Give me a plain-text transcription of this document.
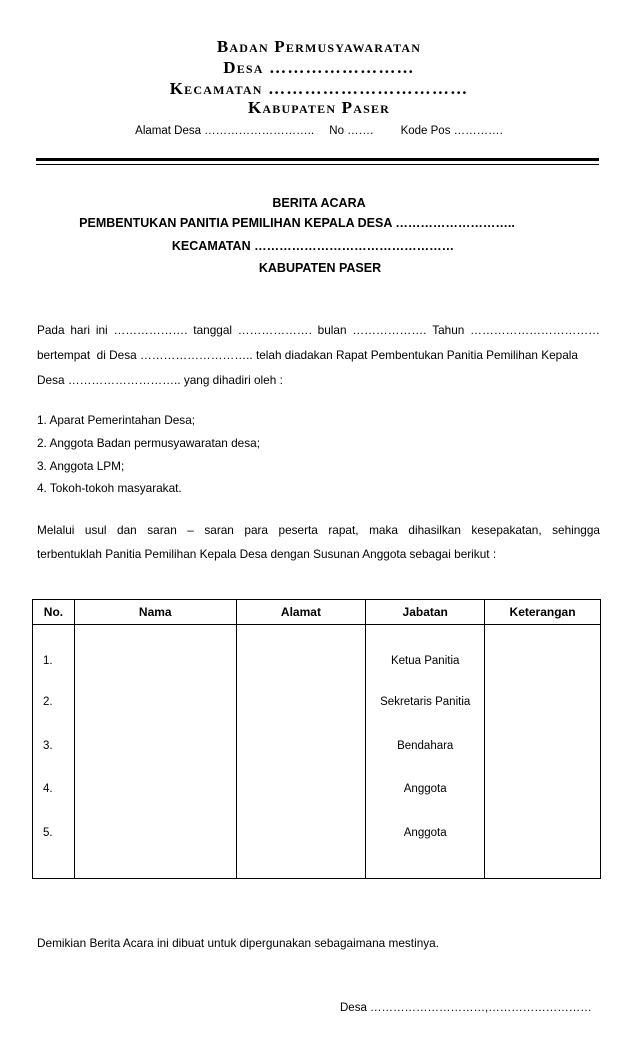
Badan Permusyawaratan
Desa ……………………
Kecamatan ……………………………
Kabupaten Paser
Alamat Desa ……………………….. No ……. Kode Pos ………….
BERITA ACARA
PEMBENTUKAN PANITIA PEMILIHAN KEPALA DESA ………………………..
KECAMATAN …………………………………………
KABUPATEN PASER
Pada hari ini ………………. tanggal ………………. bulan ………………. Tahun ……………………………
bertempat  di Desa ……………………….. telah diadakan Rapat Pembentukan Panitia Pemilihan Kepala
Desa ……………………….. yang dihadiri oleh :
1. Aparat Pemerintahan Desa;
2. Anggota Badan permusyawaratan desa;
3. Anggota LPM;
4. Tokoh-tokoh masyarakat.
Melalui usul dan saran – saran para peserta rapat, maka dihasilkan kesepakatan, sehingga
terbentuklah Panitia Pemilihan Kepala Desa dengan Susunan Anggota sebagai berikut :
No.	Nama	Alamat	Jabatan	Keterangan
1.			Ketua Panitia	
2.			Sekretaris Panitia	
3.			Bendahara	
4.			Anggota	
5.			Anggota	
Demikian Berita Acara ini dibuat untuk dipergunakan sebagaimana mestinya.
Desa …………………………,………………………
